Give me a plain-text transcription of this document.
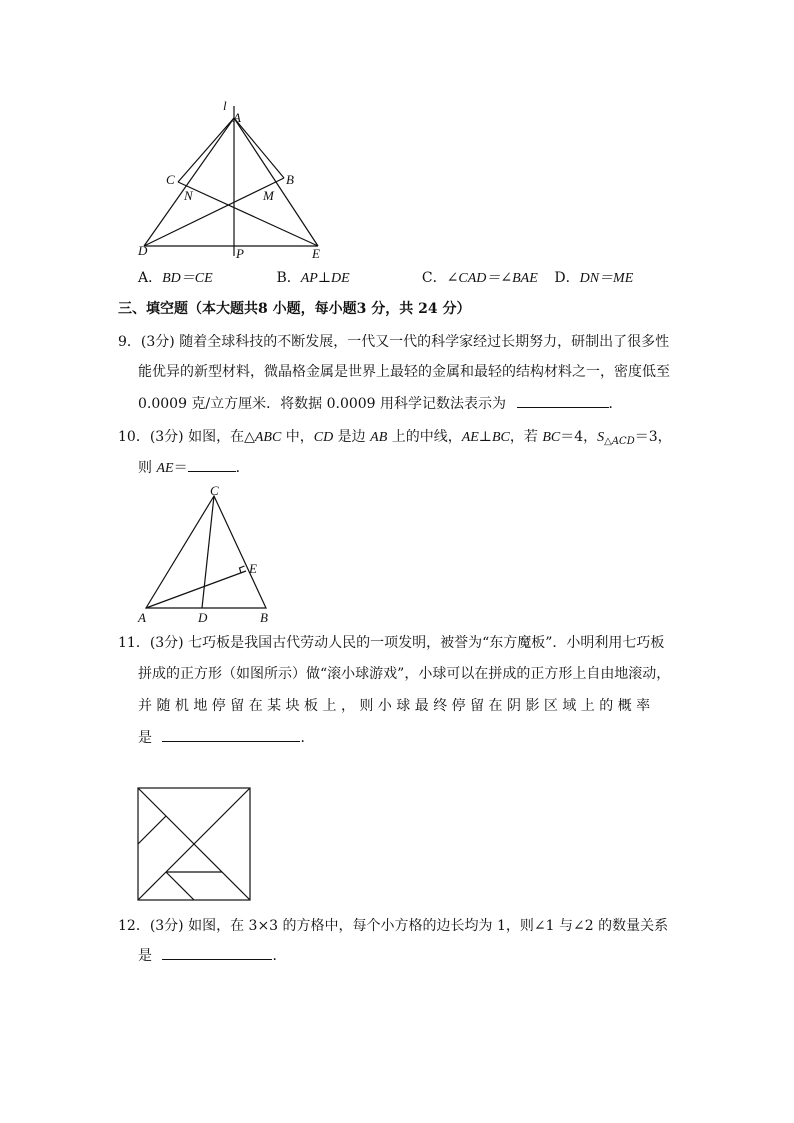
l
A
B
C
N	M
D	P	E
A．BD＝CE	B．AP⊥DE	C．∠CAD＝∠BAE D．DN＝ME
三、填空题（本大题共8 小题，每小题3 分，共 24 分）
9．(3分) 随着全球科技的不断发展，一代又一代的科学家经过长期努力，研制出了很多性
能优异的新型材料，微晶格金属是世界上最轻的金属和最轻的结构材料之一，密度低至
0.0009 克/立方厘米．将数据 0.0009 用科学记数法表示为	．
10．(3分) 如图，在△ABC 中，CD 是边 AB 上的中线，AE⊥BC，若 BC＝4，$S_{\triangle ACD}=3$，
则 AE＝	．
C
E
A	D	B
11．(3分) 七巧板是我国古代劳动人民的一项发明，被誉为“东方魔板”．小明利用七巧板
拼成的正方形（如图所示）做“滚小球游戏”，小球可以在拼成的正方形上自由地滚动，
并 随 机 地 停 留 在 某 块 板 上 ， 则 小 球 最 终 停 留 在 阴 影 区 域 上 的 概 率
是	．
12．(3分) 如图，在 3×3 的方格中，每个小方格的边长均为 1，则∠1 与∠2 的数量关系
是	．
